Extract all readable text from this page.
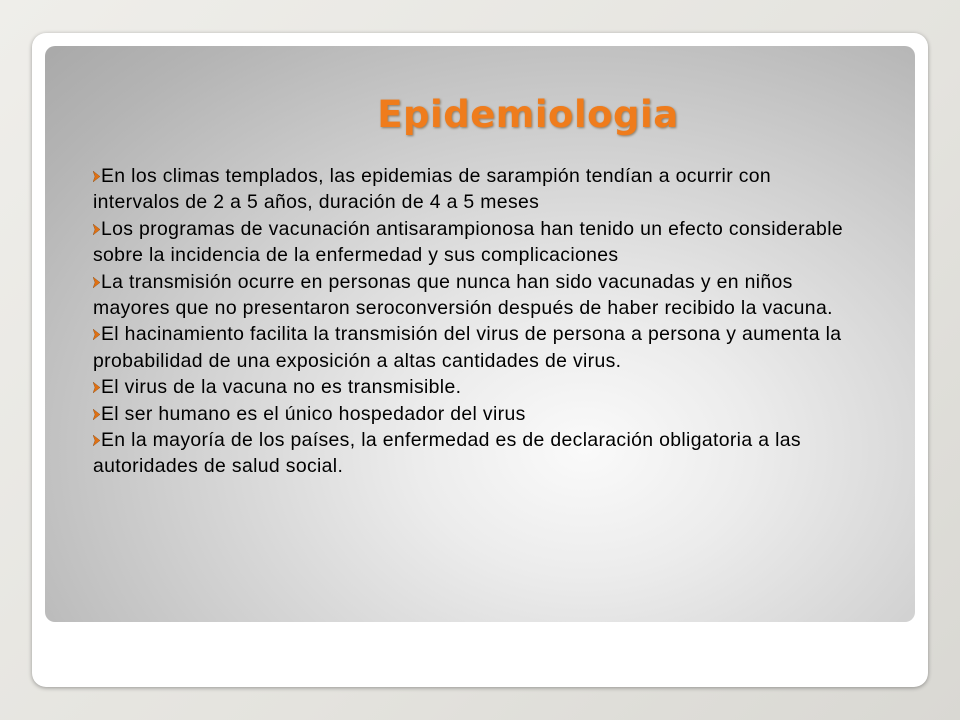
Epidemiologia
En los climas templados, las epidemias de sarampión tendían a ocurrir con intervalos de 2 a 5 años, duración de 4 a 5 meses
Los programas de vacunación antisarampionosa han tenido un efecto considerable sobre la incidencia de la enfermedad y sus complicaciones
La transmisión ocurre en personas que nunca han sido vacunadas y en niños mayores que no presentaron seroconversión después de haber recibido la vacuna.
El hacinamiento facilita la transmisión del virus de persona a persona y aumenta la probabilidad de una exposición a altas cantidades de virus.
El virus de la vacuna no es transmisible.
El ser humano es el único hospedador del virus
En la mayoría de los países, la enfermedad es de declaración obligatoria a las autoridades de salud social.
